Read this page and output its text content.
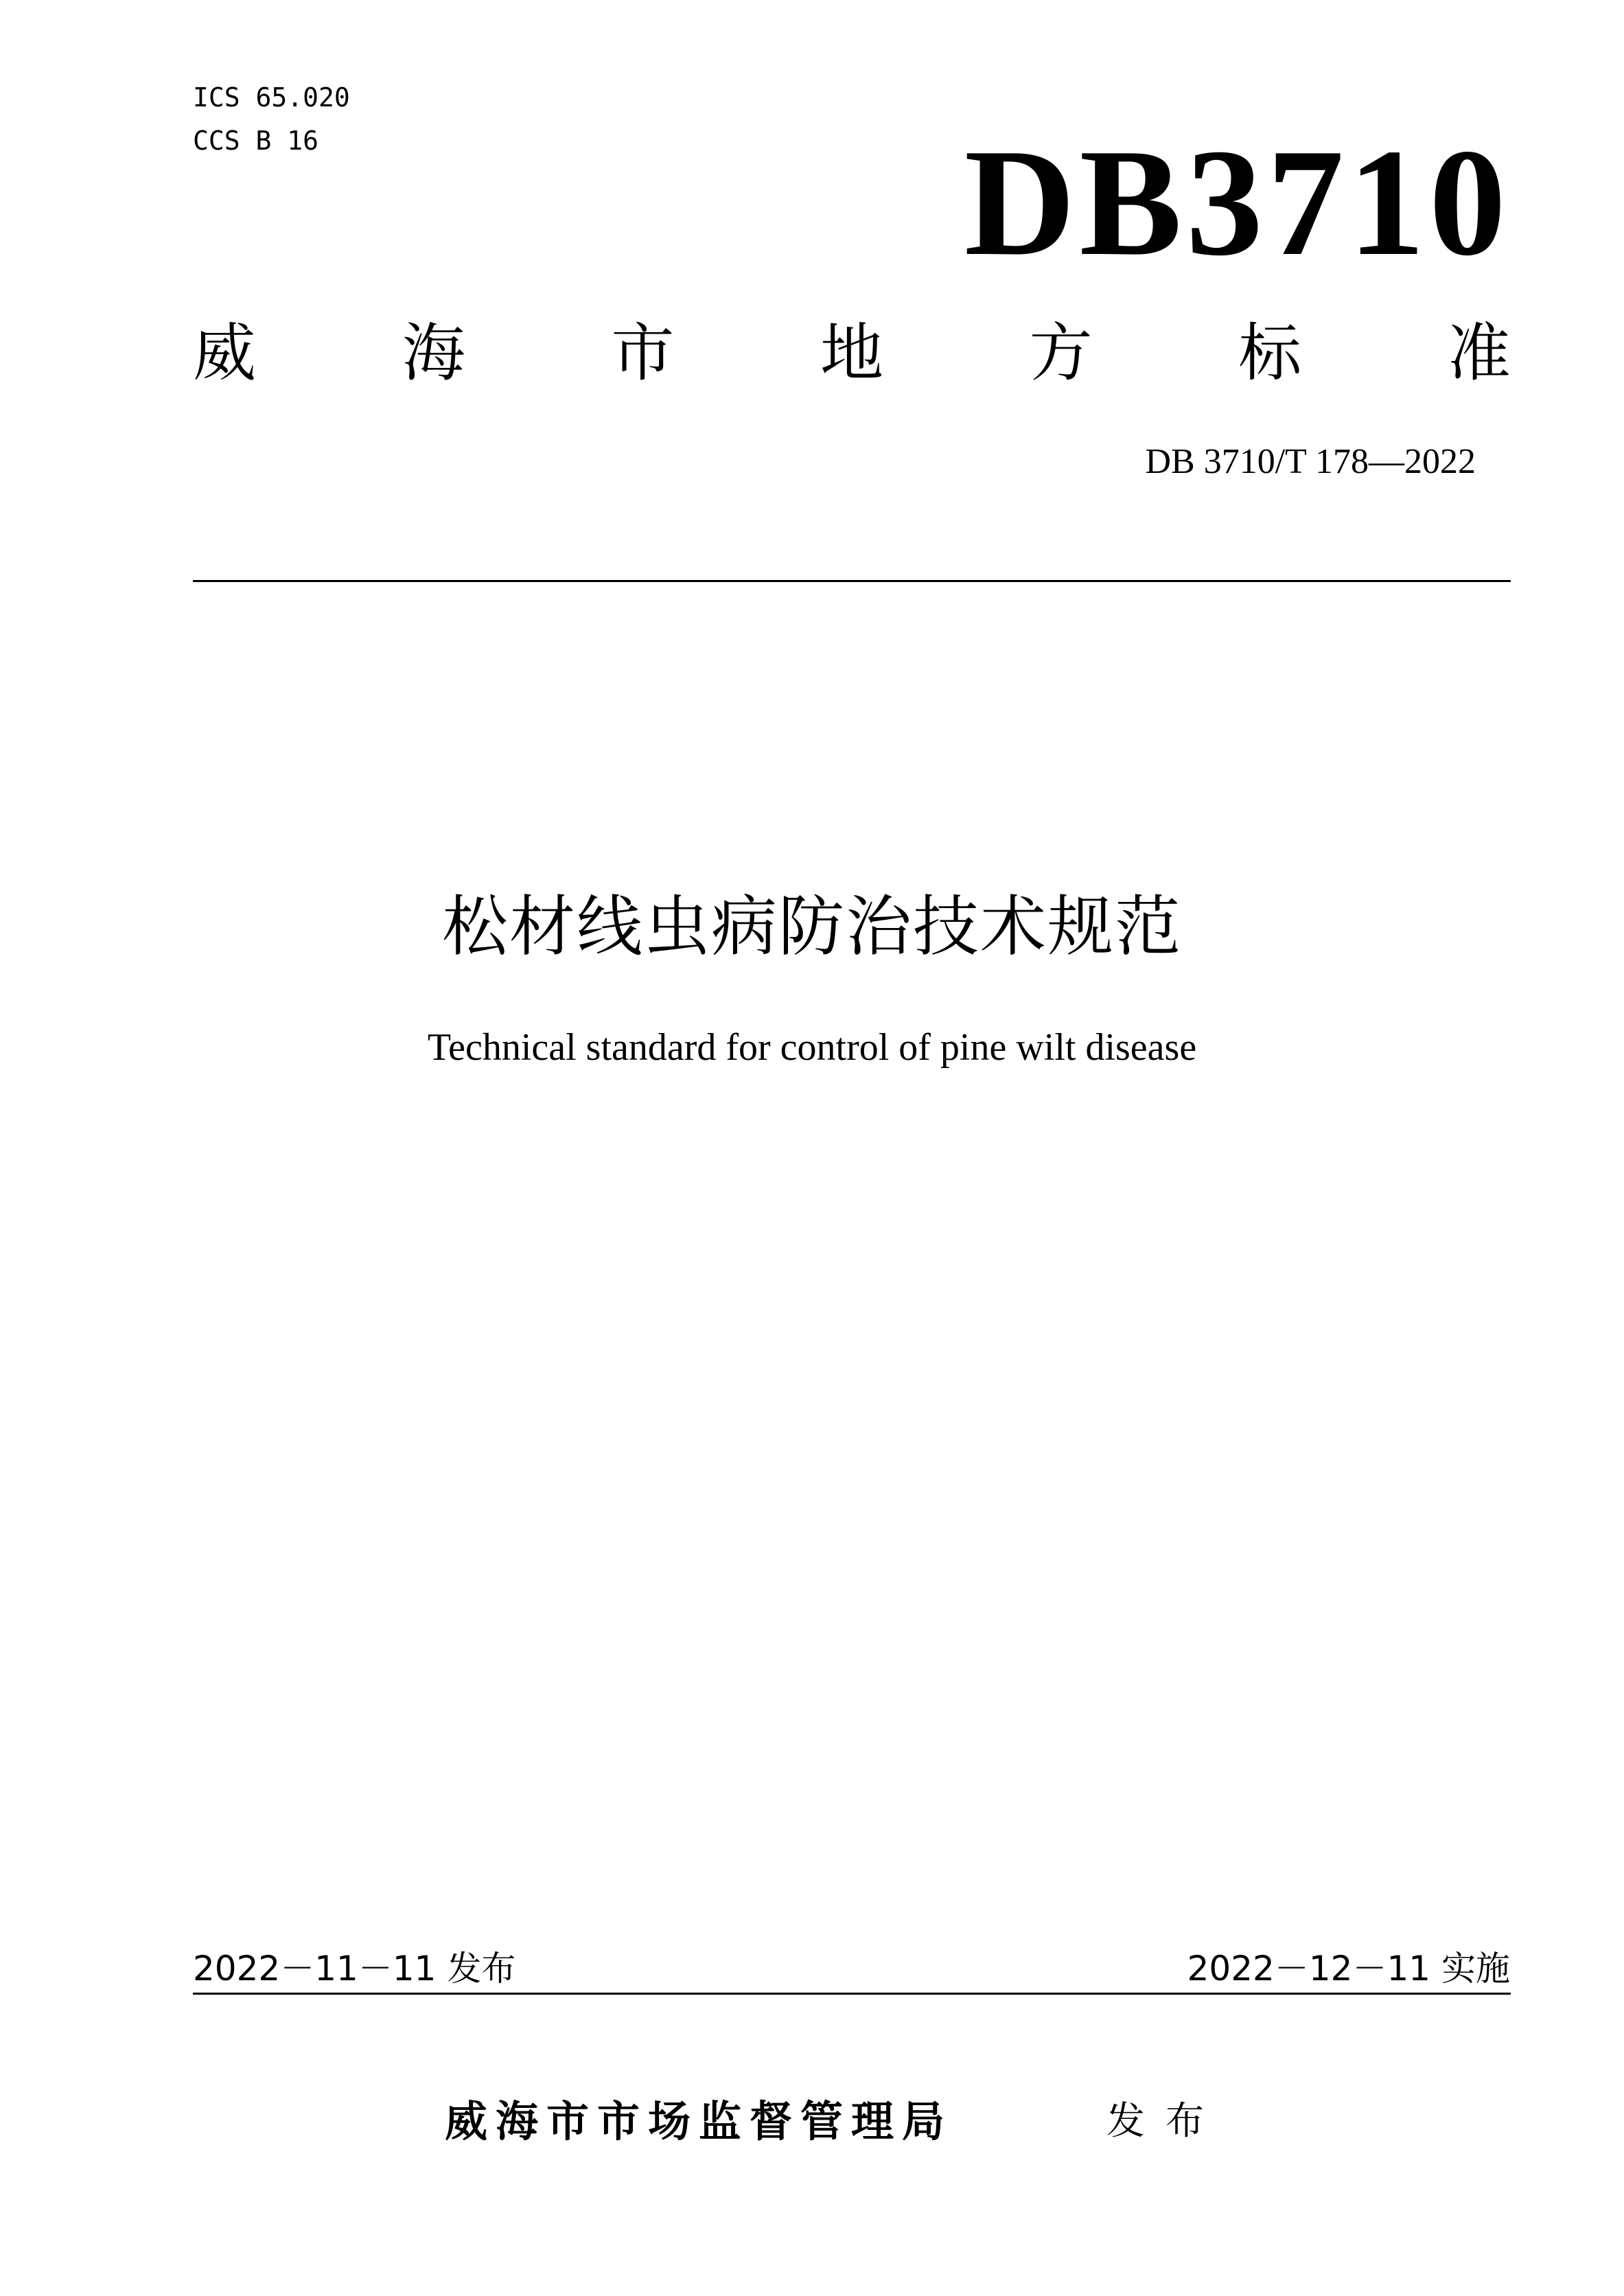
ICS 65.020
CCS B 16	DB3710
威 海 市 地 方 标 准
DB 3710/T 178—2022
松材线虫病防治技术规范
Technical standard for control of pine wilt disease
2022－11－11 发布	2022－12－11 实施
威海市市场监督管理局	发布
